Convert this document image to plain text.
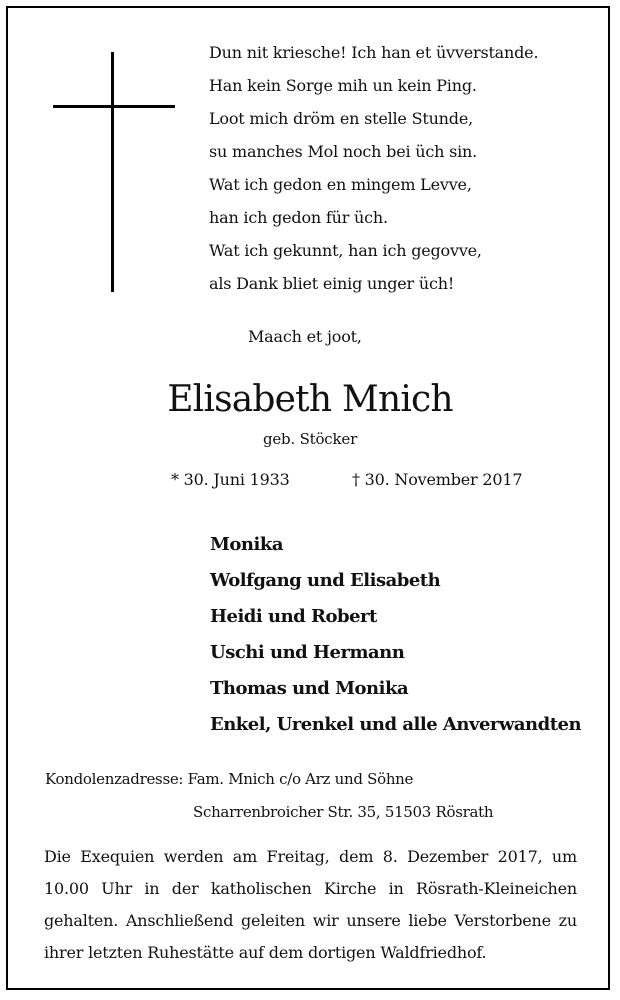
Dun nit kriesche! Ich han et üvverstande.
Han kein Sorge mih un kein Ping.
Loot mich dröm en stelle Stunde,
su manches Mol noch bei üch sin.
Wat ich gedon en mingem Levve,
han ich gedon für üch.
Wat ich gekunnt, han ich gegovve,
als Dank bliet einig unger üch!
Maach et joot,
Elisabeth Mnich
geb. Stöcker
* 30. Juni 1933	† 30. November 2017
Monika
Wolfgang und Elisabeth
Heidi und Robert
Uschi und Hermann
Thomas und Monika
Enkel, Urenkel und alle Anverwandten
Kondolenzadresse: Fam. Mnich c/o Arz und Söhne
Scharrenbroicher Str. 35, 51503 Rösrath
Die Exequien werden am Freitag, dem 8. Dezember 2017, um 10.00 Uhr in der katholischen Kirche in Rösrath-Kleineichen gehalten. Anschließend geleiten wir unsere liebe Verstorbene zu ihrer letzten Ruhestätte auf dem dortigen Waldfriedhof.
